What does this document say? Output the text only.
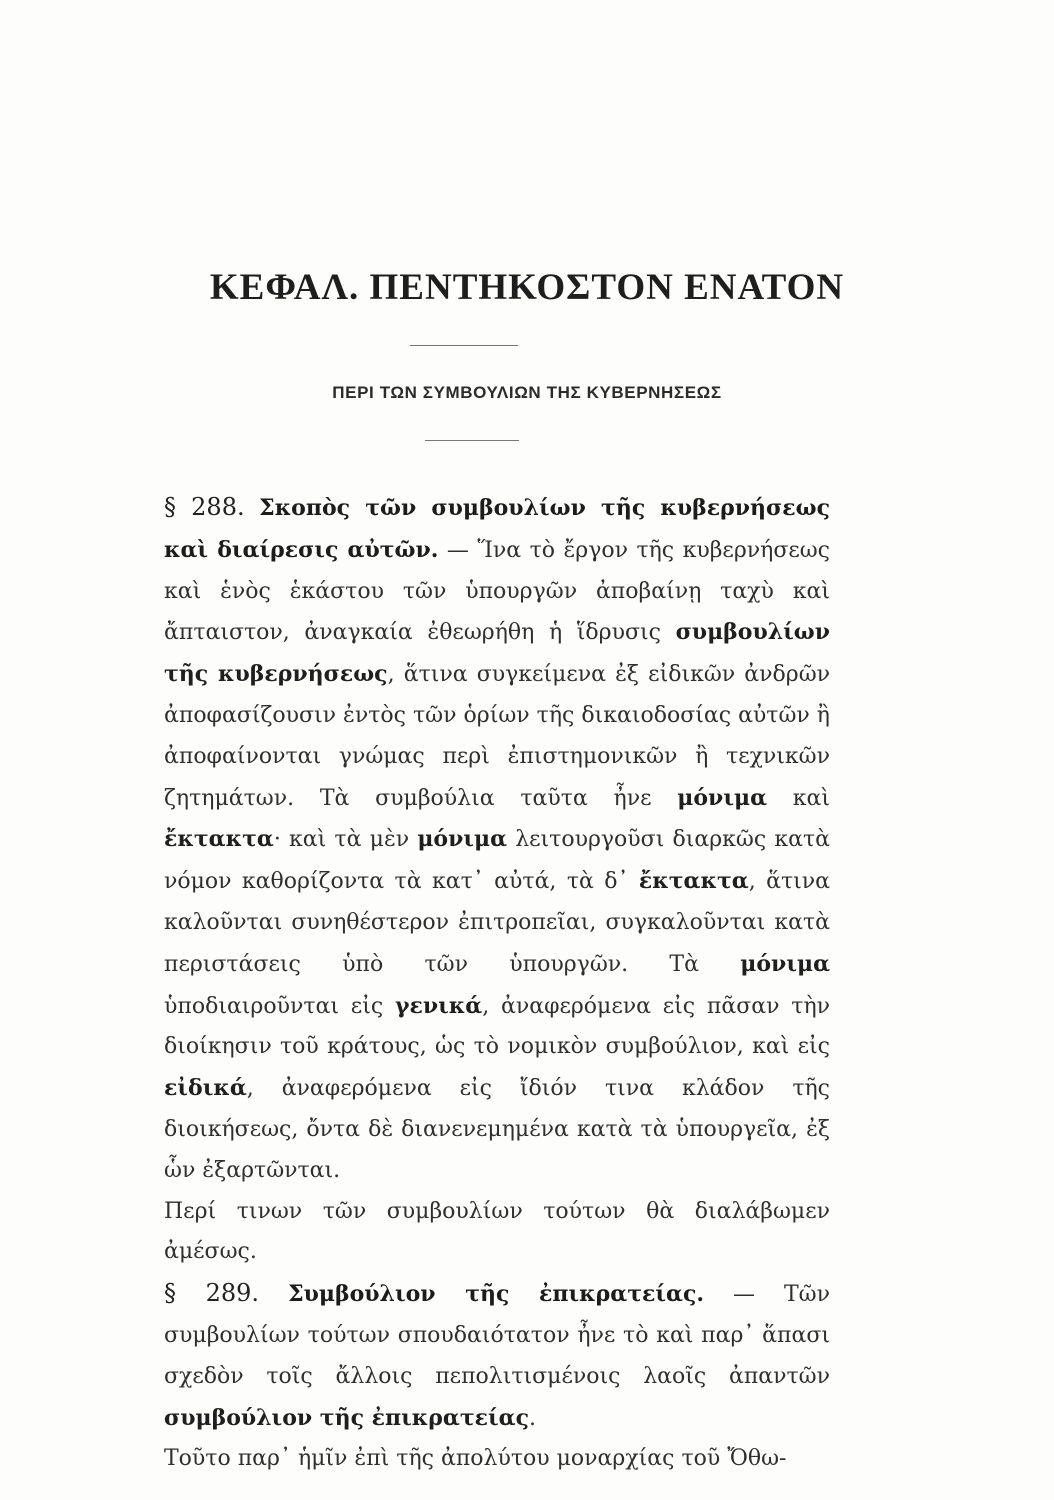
ΚΕΦΑΛ. ΠΕΝΤΗΚΟΣΤΟΝ ΕΝΑΤΟΝ
ΠΕΡΙ ΤΩΝ ΣΥΜΒΟΥΛΙΩΝ ΤΗΣ ΚΥΒΕΡΝΗΣΕΩΣ

§ 288. Σκοπὸς τῶν συμβουλίων τῆς κυβερνήσεως καὶ διαίρεσις αὐτῶν. — Ἵνα τὸ ἔργον τῆς κυβερνήσεως καὶ ἑνὸς ἑκάστου τῶν ὑπουργῶν ἀποβαίνῃ ταχὺ καὶ ἄπταιστον, ἀναγκαία ἐθεωρήθη ἡ ἵδρυσις συμβουλίων τῆς κυβερνήσεως, ἅτινα συγκείμενα ἐξ εἰδικῶν ἀνδρῶν ἀποφασίζουσιν ἐντὸς τῶν ὁρίων τῆς δικαιοδοσίας αὐτῶν ἢ ἀποφαίνονται γνώμας περὶ ἐπιστημονικῶν ἢ τεχνικῶν ζητημάτων. Τὰ συμβούλια ταῦτα ἦνε μόνιμα καὶ ἔκτακτα· καὶ τὰ μὲν μόνιμα λειτουργοῦσι διαρκῶς κατὰ νόμον καθορίζοντα τὰ κατ᾽ αὐτά, τὰ δ᾽ ἔκτακτα, ἅτινα καλοῦνται συνηθέστερον ἐπιτροπεῖαι, συγκαλοῦνται κατὰ περιστάσεις ὑπὸ τῶν ὑπουργῶν. Τὰ μόνιμα ὑποδιαιροῦνται εἰς γενικά, ἀναφερόμενα εἰς πᾶσαν τὴν διοίκησιν τοῦ κράτους, ὡς τὸ νομικὸν συμβούλιον, καὶ εἰς εἰδικά, ἀναφερόμενα εἰς ἴδιόν τινα κλάδον τῆς διοικήσεως, ὄντα δὲ διανενεμημένα κατὰ τὰ ὑπουργεῖα, ἐξ ὧν ἐξαρτῶνται.

Περί τινων τῶν συμβουλίων τούτων θὰ διαλάβωμεν ἀμέσως.

§ 289. Συμβούλιον τῆς ἐπικρατείας. — Τῶν συμβουλίων τούτων σπουδαιότατον ἦνε τὸ καὶ παρ᾽ ἅπασι σχεδὸν τοῖς ἄλλοις πεπολιτισμένοις λαοῖς ἀπαντῶν συμβούλιον τῆς ἐπικρατείας.

Τοῦτο παρ᾽ ἡμῖν ἐπὶ τῆς ἀπολύτου μοναρχίας τοῦ Ὄθω-
